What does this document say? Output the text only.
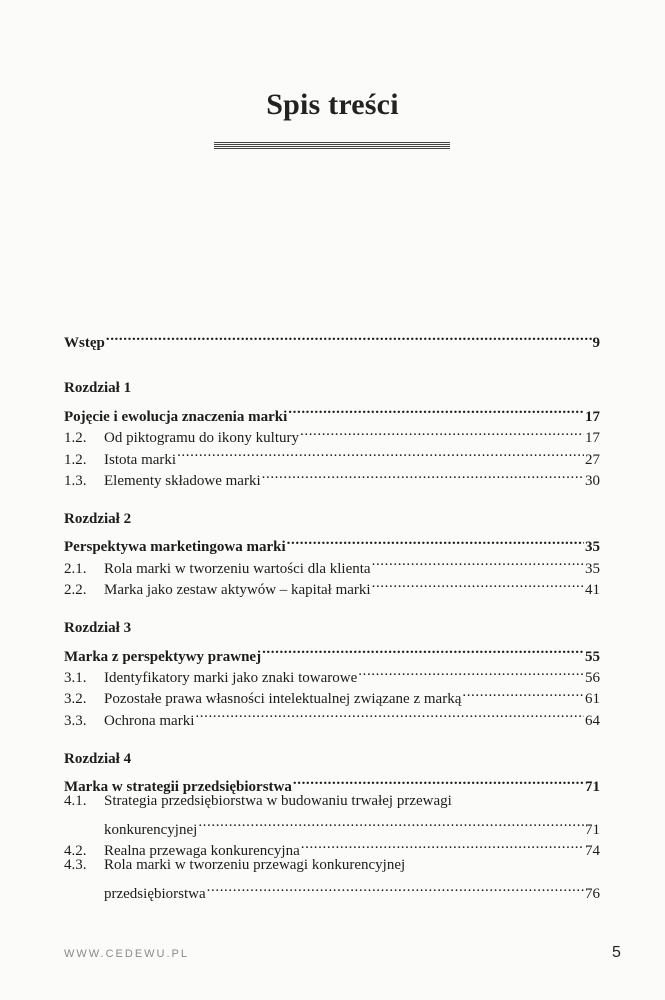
Spis treści
Wstęp .....	9
Rozdział 1
Pojęcie i ewolucja znaczenia marki .....	17
1.2.	Od piktogramu do ikony kultury .....	17
1.2.	Istota marki .....	27
1.3.	Elementy składowe marki .....	30
Rozdział 2
Perspektywa marketingowa marki .....	35
2.1.	Rola marki w tworzeniu wartości dla klienta .....	35
2.2.	Marka jako zestaw aktywów – kapitał marki .....	41
Rozdział 3
Marka z perspektywy prawnej .....	55
3.1.	Identyfikatory marki jako znaki towarowe .....	56
3.2.	Pozostałe prawa własności intelektualnej związane z marką .....	61
3.3.	Ochrona marki .....	64
Rozdział 4
Marka w strategii przedsiębiorstwa .....	71
4.1.	Strategia przedsiębiorstwa w budowaniu trwałej przewagi
konkurencyjnej .....	71
4.2.	Realna przewaga konkurencyjna .....	74
4.3.	Rola marki w tworzeniu przewagi konkurencyjnej
przedsiębiorstwa .....	76
WWW.CEDEWU.PL	5
